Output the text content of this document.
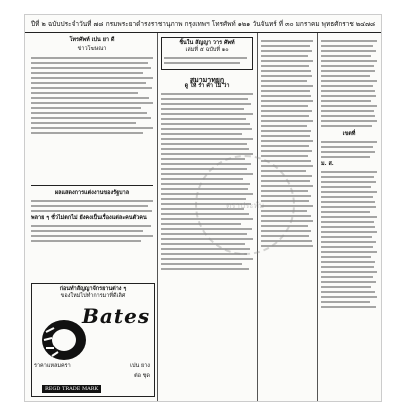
ปีที่ ๒ ฉบับประจำวันที่ ๗๘ กรมพระยาดำรงราชานุภาพ กรุงเทพฯ โทรศัพท์ ๑๒๑ วันจันทร์ ที่ ๓๐ มกราคม พุทธศักราช ๒๔๗๘
โทรศัพท์ เปน ยา ดี
ข่าวโฆษณา
ผลแสดงการแต่งงานของรัฐบาล
พลาย ๆ ชั่วไม่ตกไม่ ยังคงเป็นเรื่องแต่ละคนตัวคน
ก่อนทำสัญญาจักรยานต่าง ๆ
ของใหม่ไปทำการมาที่ดีเลิศ
Bates
ราคาแหลมครา	เปน ยาง
ต่อ ชุด
REGD TRADE MARK
ชิ้นใน สัญญา วาร ศัพท์
เล่มที่ ๕ ฉบับที่ ๑๐
สมามาทยูกู
ดู ให้ รำ คำ ไม่ ว่า
เขตที่
ม. ส.
ตราประทับ
